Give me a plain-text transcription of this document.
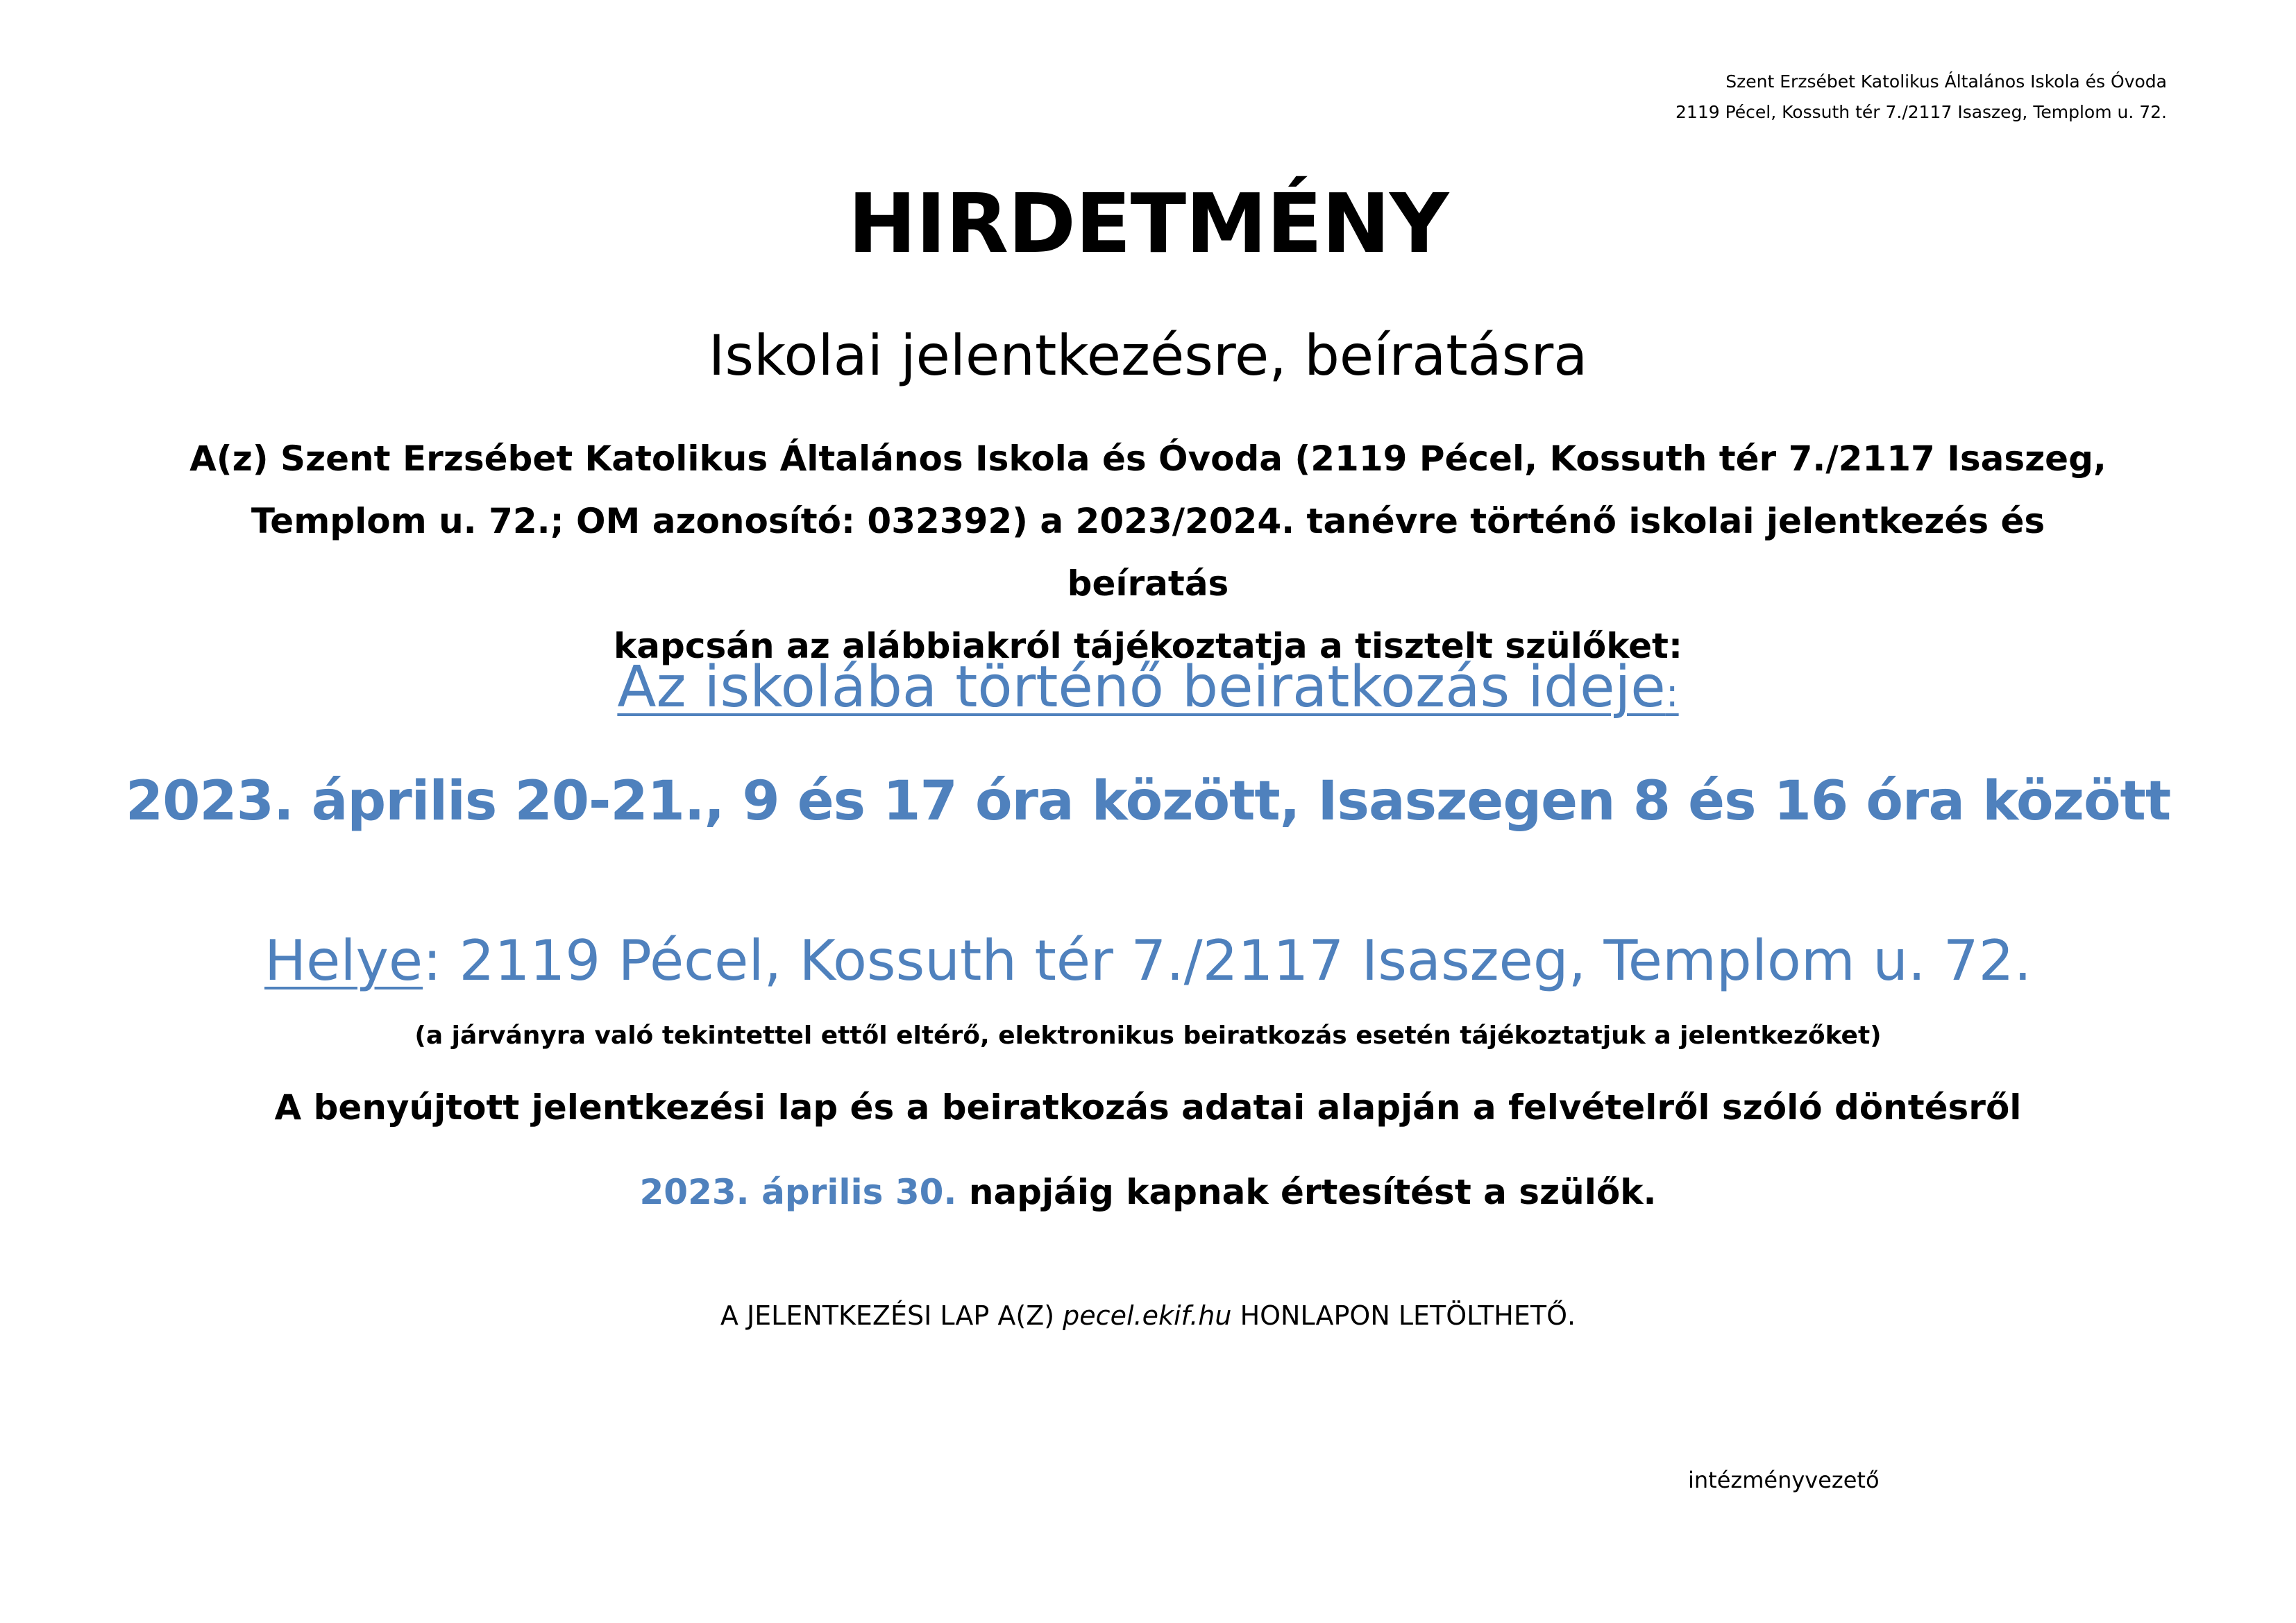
Szent Erzsébet Katolikus Általános Iskola és Óvoda
2119 Pécel, Kossuth tér 7./2117 Isaszeg, Templom u. 72.
HIRDETMÉNY
Iskolai jelentkezésre, beíratásra
A(z) Szent Erzsébet Katolikus Általános Iskola és Óvoda (2119 Pécel, Kossuth tér 7./2117 Isaszeg,
Templom u. 72.; OM azonosító: 032392) a 2023/2024. tanévre történő iskolai jelentkezés és beíratás
kapcsán az alábbiakról tájékoztatja a tisztelt szülőket:
Az iskolába történő beiratkozás ideje:
2023. április 20-21., 9 és 17 óra között, Isaszegen 8 és 16 óra között
Helye: 2119 Pécel, Kossuth tér 7./2117 Isaszeg, Templom u. 72.
(a járványra való tekintettel ettől eltérő, elektronikus beiratkozás esetén tájékoztatjuk a jelentkezőket)
A benyújtott jelentkezési lap és a beiratkozás adatai alapján a felvételről szóló döntésről
2023. április 30. napjáig kapnak értesítést a szülők.
A JELENTKEZÉSI LAP A(Z) pecel.ekif.hu HONLAPON LETÖLTHETŐ.
intézményvezető
